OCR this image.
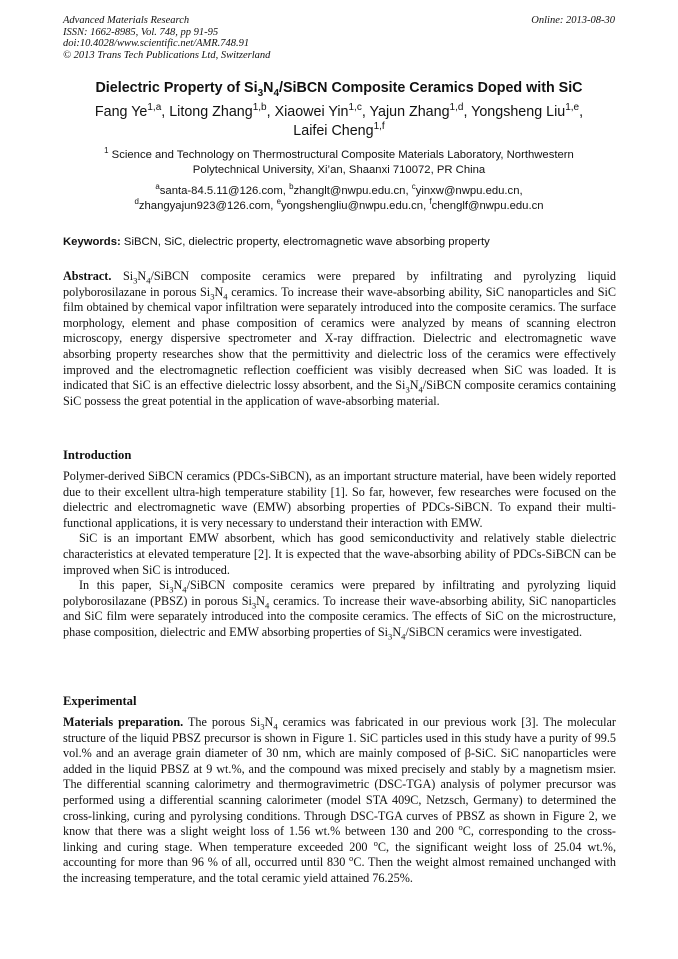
Advanced Materials Research
ISSN: 1662-8985, Vol. 748, pp 91-95
doi:10.4028/www.scientific.net/AMR.748.91
© 2013 Trans Tech Publications Ltd, Switzerland
Online: 2013-08-30
Dielectric Property of $Si_3N_4$/SiBCN Composite Ceramics Doped with SiC
Fang Ye$^{1,a}$, Litong Zhang$^{1,b}$, Xiaowei Yin$^{1,c}$, Yajun Zhang$^{1,d}$, Yongsheng Liu$^{1,e}$,
Laifei Cheng$^{1,f}$
$^1$ Science and Technology on Thermostructural Composite Materials Laboratory, Northwestern
Polytechnical University, Xi’an, Shaanxi 710072, PR China
$^a$santa-84.5.11@126.com, $^b$zhanglt@nwpu.edu.cn, $^c$yinxw@nwpu.edu.cn,
$^d$zhangyajun923@126.com, $^e$yongshengliu@nwpu.edu.cn, $^f$chenglf@nwpu.edu.cn
Keywords: SiBCN, SiC, dielectric property, electromagnetic wave absorbing property

Abstract. $Si_3N_4$/SiBCN composite ceramics were prepared by infiltrating and pyrolyzing liquid polyborosilazane in porous $Si_3N_4$ ceramics. To increase their wave-absorbing ability, SiC nanoparticles and SiC film obtained by chemical vapor infiltration were separately introduced into the composite ceramics. The surface morphology, element and phase composition of ceramics were analyzed by means of scanning electron microscopy, energy dispersive spectrometer and X-ray diffraction. Dielectric and electromagnetic wave absorbing property researches show that the permittivity and dielectric loss of the ceramics were effectively improved and the electromagnetic reflection coefficient was visibly decreased when SiC was loaded. It is indicated that SiC is an effective dielectric lossy absorbent, and the $Si_3N_4$/SiBCN composite ceramics containing SiC possess the great potential in the application of wave-absorbing material.

Introduction

Polymer-derived SiBCN ceramics (PDCs-SiBCN), as an important structure material, have been widely reported due to their excellent ultra-high temperature stability [1]. So far, however, few researches were focused on the dielectric and electromagnetic wave (EMW) absorbing properties of PDCs-SiBCN. To expand their multi-functional applications, it is very necessary to understand their interaction with EMW.

SiC is an important EMW absorbent, which has good semiconductivity and relatively stable dielectric characteristics at elevated temperature [2]. It is expected that the wave-absorbing ability of PDCs-SiBCN can be improved when SiC is introduced.

In this paper, $Si_3N_4$/SiBCN composite ceramics were prepared by infiltrating and pyrolyzing liquid polyborosilazane (PBSZ) in porous $Si_3N_4$ ceramics. To increase their wave-absorbing ability, SiC nanoparticles and SiC film were separately introduced into the composite ceramics. The effects of SiC on the microstructure, phase composition, dielectric and EMW absorbing properties of $Si_3N_4$/SiBCN ceramics were investigated.

Experimental

Materials preparation. The porous $Si_3N_4$ ceramics was fabricated in our previous work [3]. The molecular structure of the liquid PBSZ precursor is shown in Figure 1. SiC particles used in this study have a purity of 99.5 vol.% and an average grain diameter of 30 nm, which are mainly composed of β-SiC. SiC nanoparticles were added in the liquid PBSZ at 9 wt.%, and the compound was mixed precisely and stably by a magnetism msier. The differential scanning calorimetry and thermogravimetric (DSC-TGA) analysis of polymer precursor was performed using a differential scanning calorimeter (model STA 409C, Netzsch, Germany) to determined the cross-linking, curing and pyrolysing conditions. Through DSC-TGA curves of PBSZ as shown in Figure 2, we know that there was a slight weight loss of 1.56 wt.% between 130 and 200 $^o$C, corresponding to the cross-linking and curing stage. When temperature exceeded 200 $^o$C, the significant weight loss of 25.04 wt.%, accounting for more than 96 % of all, occurred until 830 $^o$C. Then the weight almost remained unchanged with the increasing temperature, and the total ceramic yield attained 76.25%.
